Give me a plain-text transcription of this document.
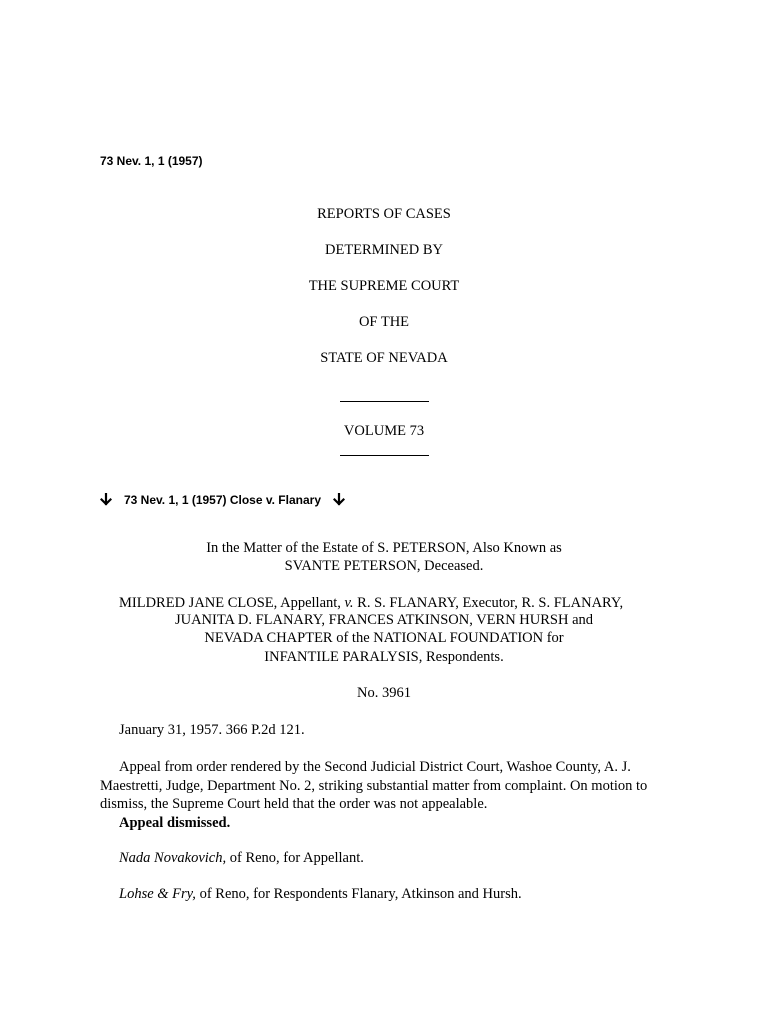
73 Nev. 1, 1 (1957)
REPORTS OF CASES
DETERMINED BY
THE SUPREME COURT
OF THE
STATE OF NEVADA
VOLUME 73
73 Nev. 1, 1 (1957) Close v. Flanary
In the Matter of the Estate of S. PETERSON, Also Known as
SVANTE PETERSON, Deceased.
MILDRED JANE CLOSE, Appellant, v. R. S. FLANARY, Executor, R. S. FLANARY,
JUANITA D. FLANARY, FRANCES ATKINSON, VERN HURSH and
NEVADA CHAPTER of the NATIONAL FOUNDATION for
INFANTILE PARALYSIS, Respondents.
No. 3961
January 31, 1957. 366 P.2d 121.
Appeal from order rendered by the Second Judicial District Court, Washoe County, A. J. Maestretti, Judge, Department No. 2, striking substantial matter from complaint. On motion to dismiss, the Supreme Court held that the order was not appealable.
Appeal dismissed.
Nada Novakovich, of Reno, for Appellant.
Lohse & Fry, of Reno, for Respondents Flanary, Atkinson and Hursh.
